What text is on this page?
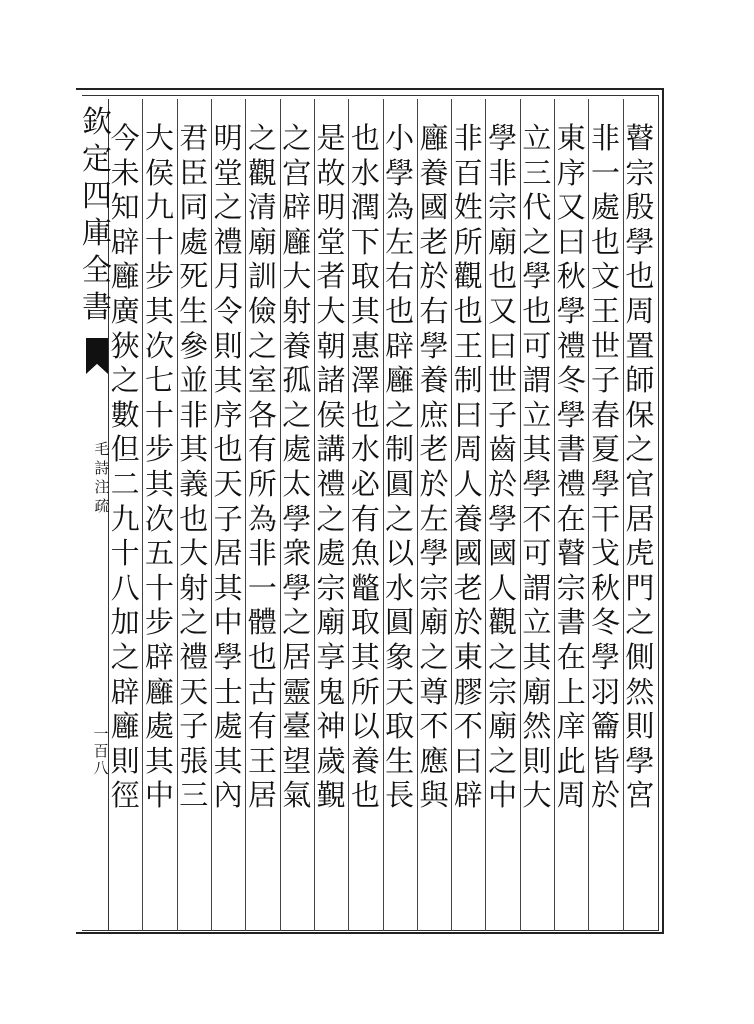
欽
定
四
庫
全
書
毛
詩
注
疏
一
百
八
瞽
宗
殷
學
也
周
置
師
保
之
官
居
虎
門
之
側
然
則
學
宮
非
一
處
也
文
王
世
子
春
夏
學
干
戈
秋
冬
學
羽
籥
皆
於
東
序
又
曰
秋
學
禮
冬
學
書
禮
在
瞽
宗
書
在
上
庠
此
周
立
三
代
之
學
也
可
謂
立
其
學
不
可
謂
立
其
廟
然
則
大
學
非
宗
廟
也
又
曰
世
子
齒
於
學
國
人
觀
之
宗
廟
之
中
非
百
姓
所
觀
也
王
制
曰
周
人
養
國
老
於
東
膠
不
曰
辟
廱
養
國
老
於
右
學
養
庶
老
於
左
學
宗
廟
之
尊
不
應
與
小
學
為
左
右
也
辟
廱
之
制
圓
之
以
水
圓
象
天
取
生
長
也
水
潤
下
取
其
惠
澤
也
水
必
有
魚
鼈
取
其
所
以
養
也
是
故
明
堂
者
大
朝
諸
侯
講
禮
之
處
宗
廟
享
鬼
神
歲
覲
之
宫
辟
廱
大
射
養
孤
之
處
太
學
衆
學
之
居
靈
臺
望
氣
之
觀
清
廟
訓
儉
之
室
各
有
所
為
非
一
體
也
古
有
王
居
明
堂
之
禮
月
令
則
其
序
也
天
子
居
其
中
學
士
處
其
內
君
臣
同
處
死
生
參
並
非
其
義
也
大
射
之
禮
天
子
張
三
大
侯
九
十
步
其
次
七
十
步
其
次
五
十
步
辟
廱
處
其
中
今
未
知
辟
廱
廣
狹
之
數
但
二
九
十
八
加
之
辟
廱
則
徑
